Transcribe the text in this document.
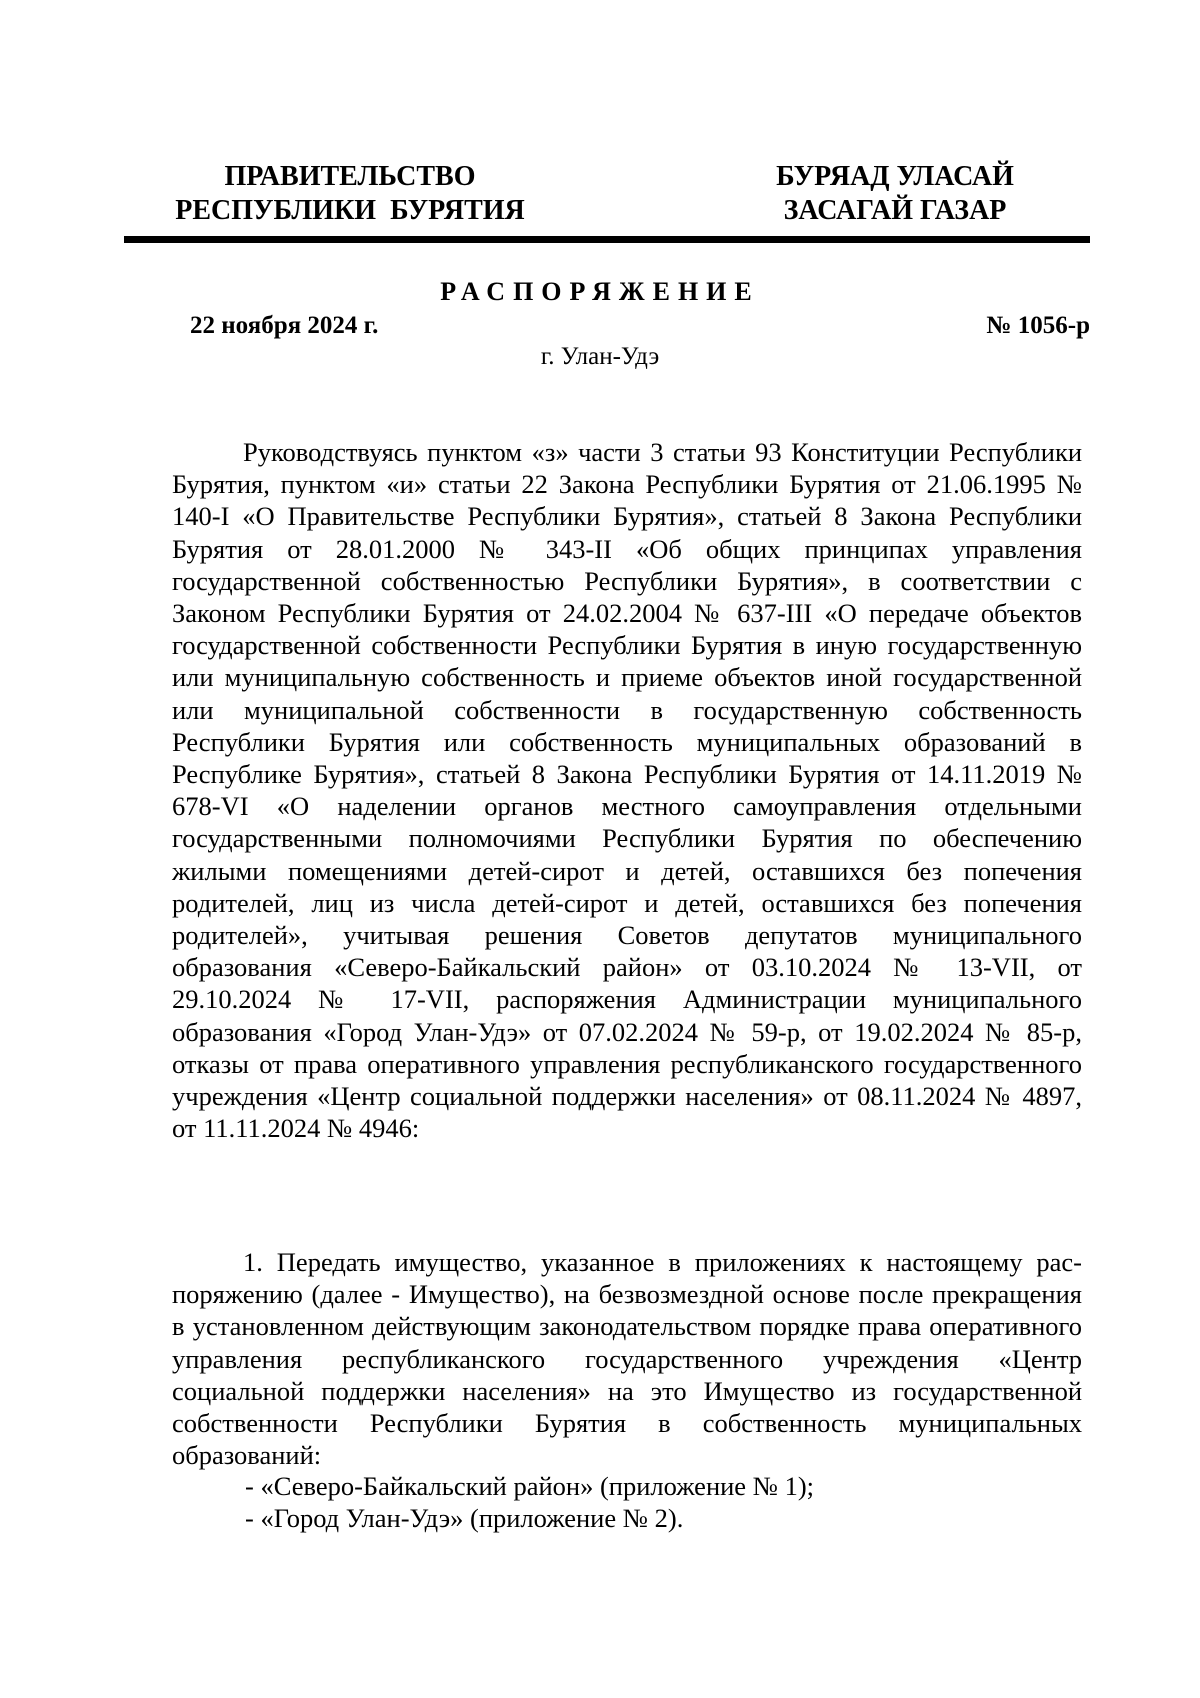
ПРАВИТЕЛЬСТВО
РЕСПУБЛИКИ  БУРЯТИЯ
БУРЯАД УЛАСАЙ
ЗАСАГАЙ ГАЗАР
РАСПОРЯЖЕНИЕ
22 ноября 2024 г.	№ 1056-р
г. Улан-Удэ

Руководствуясь пунктом «з» части 3 статьи 93 Конституции Республики Бурятия, пунктом «и» статьи 22 Закона Республики Бурятия от 21.06.1995 № 140-I «О Правительстве Республики Бурятия», статьей 8 Закона Республики Бурятия от 28.01.2000 № 343-II «Об общих принципах управления государственной собственностью Республики Бурятия», в соответствии с Законом Республики Бурятия от 24.02.2004 № 637-III «О передаче объектов государственной собственности Республики Бурятия в иную государственную или муниципальную собственность и приеме объектов иной государственной или муниципальной собственности в государственную собственность Республики Бурятия или собственность муниципальных образований в Республике Бурятия», статьей 8 Закона Республики Бурятия от 14.11.2019 № 678-VI «О наделении органов местного самоуправления отдельными государственными полномочиями Республики Бурятия по обеспечению жилыми помещениями детей-сирот и детей, оставшихся без попечения родителей, лиц из числа детей-сирот и детей, оставшихся без попечения родителей», учитывая решения Советов депутатов муниципального образования «Северо-Байкальский район» от 03.10.2024 № 13-VII, от 29.10.2024 № 17-VII, распоряжения Администрации муниципального образования «Город Улан-Удэ» от 07.02.2024 № 59-р, от 19.02.2024 № 85-р, отказы от права оперативного управления республиканского государственного учреждения «Центр социальной поддержки населения» от 08.11.2024 № 4897, от 11.11.2024 № 4946:

1. Передать имущество, указанное в приложениях к настоящему распоряжению (далее - Имущество), на безвозмездной основе после прекращения в установленном действующим законодательством порядке права оперативного управления республиканского государственного учреждения «Центр социальной поддержки населения» на это Имущество из государственной собственности Республики Бурятия в собственность муниципальных образований:

- «Северо-Байкальский район» (приложение № 1);
- «Город Улан-Удэ» (приложение № 2).
